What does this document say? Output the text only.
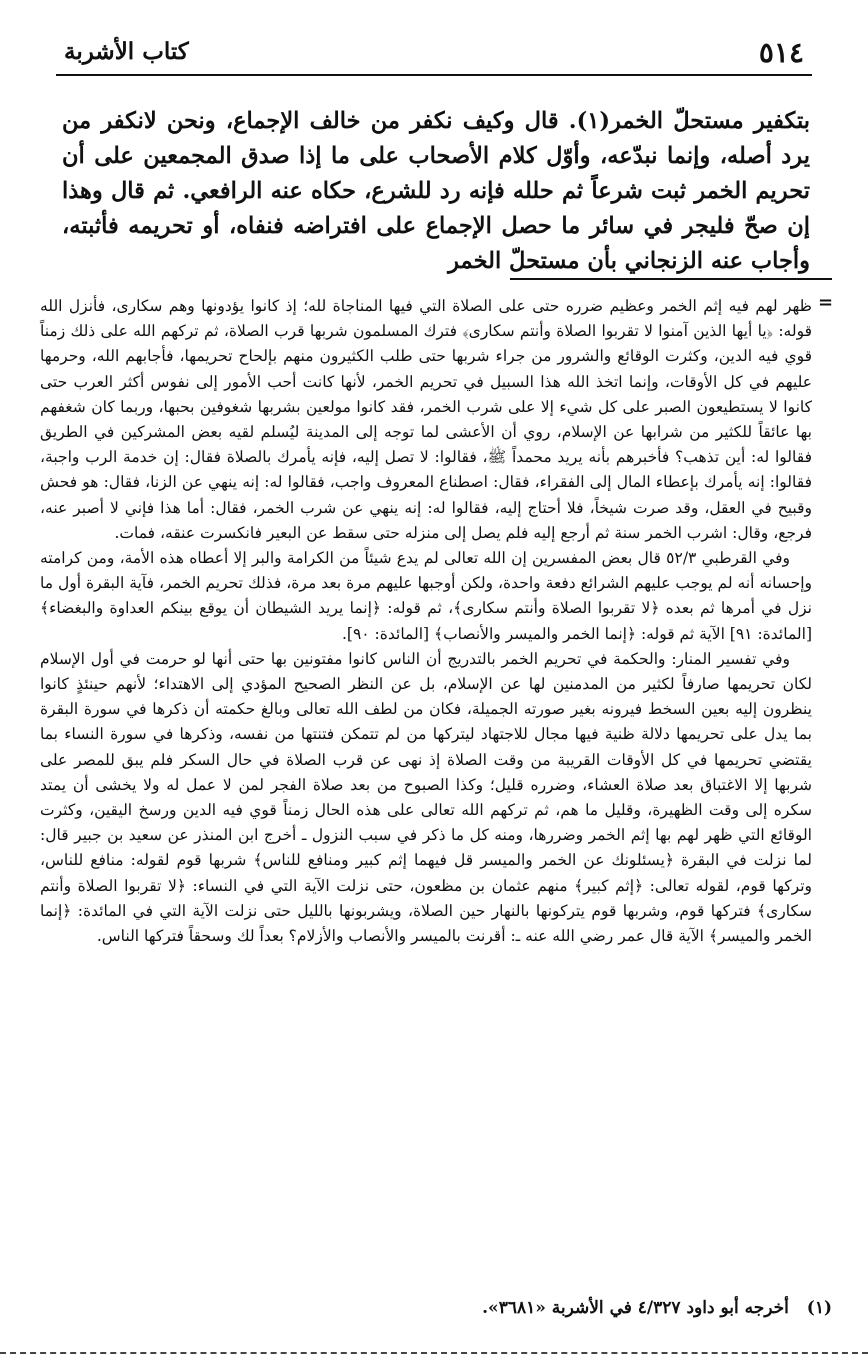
٥١٤
كتاب الأشربة

بتكفير مستحلّ الخمر(١). قال وكيف نكفر من خالف الإجماع، ونحن لانكفر من يرد أصله، وإنما نبدّعه، وأوّل كلام الأصحاب على ما إذا صدق المجمعين على أن تحريم الخمر ثبت شرعاً ثم حلله فإنه رد للشرع، حكاه عنه الرافعي. ثم قال وهذا إن صحّ فليجر في سائر ما حصل الإجماع على افتراضه فنفاه، أو تحريمه فأثبته، وأجاب عنه الزنجاني بأن مستحلّ الخمر

=

ظهر لهم فيه إثم الخمر وعظيم ضرره حتى على الصلاة التي فيها المناجاة لله؛ إذ كانوا يؤدونها وهم سكارى، فأنزل الله قوله: ﴿يا أيها الذين آمنوا لا تقربوا الصلاة وأنتم سكارى﴾ فترك المسلمون شربها قرب الصلاة، ثم تركهم الله على ذلك زمناً قوي فيه الدين، وكثرت الوقائع والشرور من جراء شربها حتى طلب الكثيرون منهم بإلحاح تحريمها، فأجابهم الله، وحرمها عليهم في كل الأوقات، وإنما اتخذ الله هذا السبيل في تحريم الخمر، لأنها كانت أحب الأمور إلى نفوس أكثر العرب حتى كانوا لا يستطيعون الصبر على كل شيء إلا على شرب الخمر، فقد كانوا مولعين بشربها شغوفين بحبها، وربما كان شغفهم بها عائقاً للكثير من شرابها عن الإسلام، روي أن الأعشى لما توجه إلى المدينة ليُسلم لقيه بعض المشركين في الطريق فقالوا له: أين تذهب؟ فأخبرهم بأنه يريد محمداً ﷺ، فقالوا: لا تصل إليه، فإنه يأمرك بالصلاة فقال: إن خدمة الرب واجبة، فقالوا: إنه يأمرك بإعطاء المال إلى الفقراء، فقال: اصطناع المعروف واجب، فقالوا له: إنه ينهي عن الزنا، فقال: هو فحش وقبيح في العقل، وقد صرت شيخاً، فلا أحتاج إليه، فقالوا له: إنه ينهي عن شرب الخمر، فقال: أما هذا فإني لا أصبر عنه، فرجع، وقال: اشرب الخمر سنة ثم أرجع إليه فلم يصل إلى منزله حتى سقط عن البعير فانكسرت عنقه، فمات.

وفي القرطبي ٥٢/٣ قال بعض المفسرين إن الله تعالى لم يدع شيئاً من الكرامة والبر إلا أعطاه هذه الأمة، ومن كرامته وإحسانه أنه لم يوجب عليهم الشرائع دفعة واحدة، ولكن أوجبها عليهم مرة بعد مرة، فذلك تحريم الخمر، فآية البقرة أول ما نزل في أمرها ثم بعده ﴿لا تقربوا الصلاة وأنتم سكارى﴾، ثم قوله: ﴿إنما يريد الشيطان أن يوقع بينكم العداوة والبغضاء﴾ [المائدة: ٩١] الآية ثم قوله: ﴿إنما الخمر والميسر والأنصاب﴾ [المائدة: ٩٠].

وفي تفسير المنار: والحكمة في تحريم الخمر بالتدريج أن الناس كانوا مفتونين بها حتى أنها لو حرمت في أول الإسلام لكان تحريمها صارفاً لكثير من المدمنين لها عن الإسلام، بل عن النظر الصحيح المؤدي إلى الاهتداء؛ لأنهم حينئذٍ كانوا ينظرون إليه بعين السخط فيرونه بغير صورته الجميلة، فكان من لطف الله تعالى وبالغ حكمته أن ذكرها في سورة البقرة بما يدل على تحريمها دلالة ظنية فيها مجال للاجتهاد ليتركها من لم تتمكن فتنتها من نفسه، وذكرها في سورة النساء بما يقتضي تحريمها في كل الأوقات القريبة من وقت الصلاة إذ نهى عن قرب الصلاة في حال السكر فلم يبق للمصر على شربها إلا الاغتباق بعد صلاة العشاء، وضرره قليل؛ وكذا الصبوح من بعد صلاة الفجر لمن لا عمل له ولا يخشى أن يمتد سكره إلى وقت الظهيرة، وقليل ما هم، ثم تركهم الله تعالى على هذه الحال زمناً قوي فيه الدين ورسخ اليقين، وكثرت الوقائع التي ظهر لهم بها إثم الخمر وضررها، ومنه كل ما ذكر في سبب النزول ـ أخرج ابن المنذر عن سعيد بن جبير قال: لما نزلت في البقرة ﴿يسئلونك عن الخمر والميسر قل فيهما إثم كبير ومنافع للناس﴾ شربها قوم لقوله: منافع للناس، وتركها قوم، لقوله تعالى: ﴿إثم كبير﴾ منهم عثمان بن مظعون، حتى نزلت الآية التي في النساء: ﴿لا تقربوا الصلاة وأنتم سكارى﴾ فتركها قوم، وشربها قوم يتركونها بالنهار حين الصلاة، ويشربونها بالليل حتى نزلت الآية التي في المائدة: ﴿إنما الخمر والميسر﴾ الآية قال عمر رضي الله عنه ـ: أقرنت بالميسر والأنصاب والأزلام؟ بعداً لك وسحقاً فتركها الناس.

(١) أخرجه أبو داود ٤/٣٢٧ في الأشربة «٣٦٨١».
